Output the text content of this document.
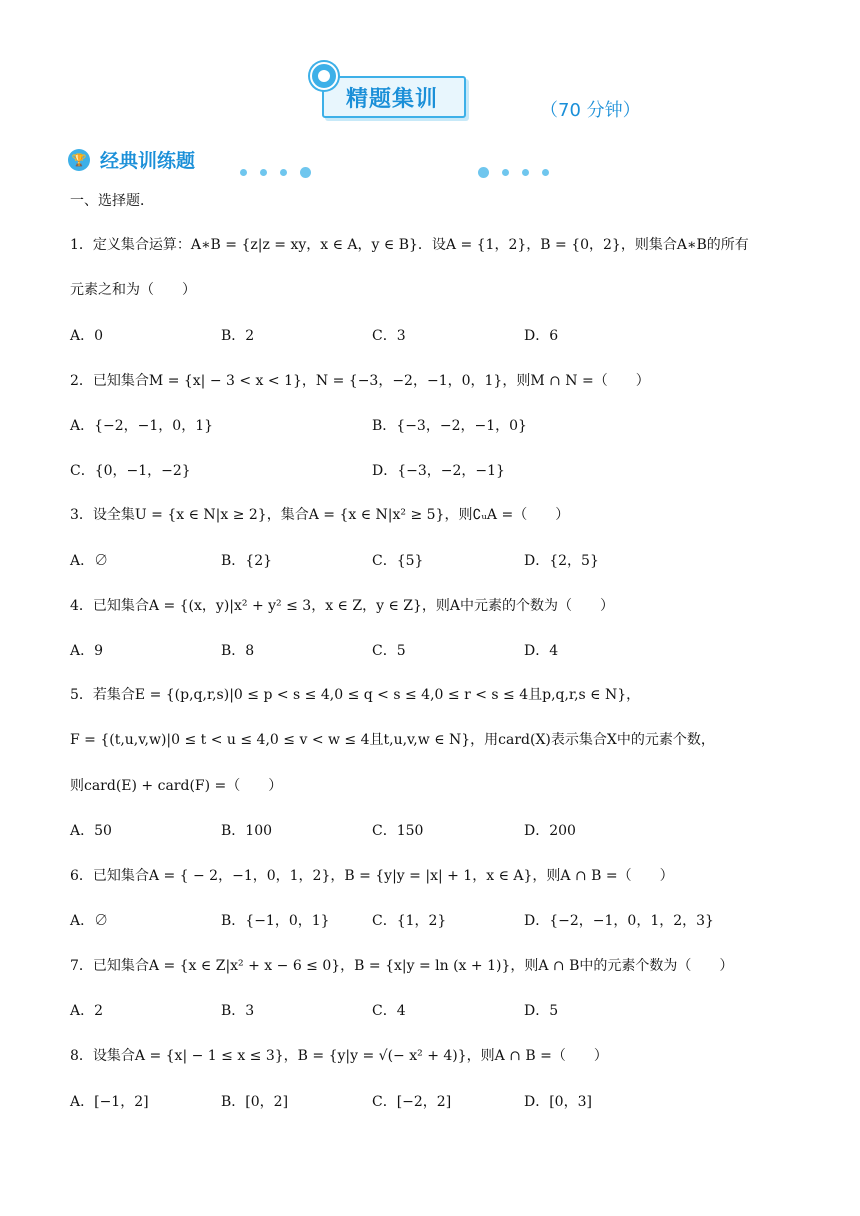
精题集训	（70 分钟）
🏆 经典训练题
一、选择题．
1．定义集合运算：A∗B = {z|z = xy，x ∈ A，y ∈ B}．设A = {1，2}，B = {0，2}，则集合A∗B的所有
元素之和为（　　）
A．0	B．2	C．3	D．6
2．已知集合M = {x| − 3 < x < 1}，N = {−3，−2，−1，0，1}，则M ∩ N =（　　）
A．{−2，−1，0，1}	B．{−3，−2，−1，0}
C．{0，−1，−2}	D．{−3，−2，−1}
3．设全集U = {x ∈ N|x ≥ 2}，集合A = {x ∈ N|x² ≥ 5}，则∁ᵤA =（　　）
A．∅	B．{2}	C．{5}	D．{2，5}
4．已知集合A = {(x，y)|x² + y² ≤ 3，x ∈ Z，y ∈ Z}，则A中元素的个数为（　　）
A．9	B．8	C．5	D．4
5．若集合E = {(p,q,r,s)|0 ≤ p < s ≤ 4,0 ≤ q < s ≤ 4,0 ≤ r < s ≤ 4且p,q,r,s ∈ N}，
F = {(t,u,v,w)|0 ≤ t < u ≤ 4,0 ≤ v < w ≤ 4且t,u,v,w ∈ N}，用card(X)表示集合X中的元素个数，
则card(E) + card(F) =（　　）
A．50	B．100	C．150	D．200
6．已知集合A = { − 2，−1，0，1，2}，B = {y|y = |x| + 1，x ∈ A}，则A ∩ B =（　　）
A．∅	B．{−1，0，1}	C．{1，2}	D．{−2，−1，0，1，2，3}
7．已知集合A = {x ∈ Z|x² + x − 6 ≤ 0}，B = {x|y = ln (x + 1)}，则A ∩ B中的元素个数为（　　）
A．2	B．3	C．4	D．5
8．设集合A = {x| − 1 ≤ x ≤ 3}，B = {y|y = √(− x² + 4)}，则A ∩ B =（　　）
A．[−1，2]	B．[0，2]	C．[−2，2]	D．[0，3]
